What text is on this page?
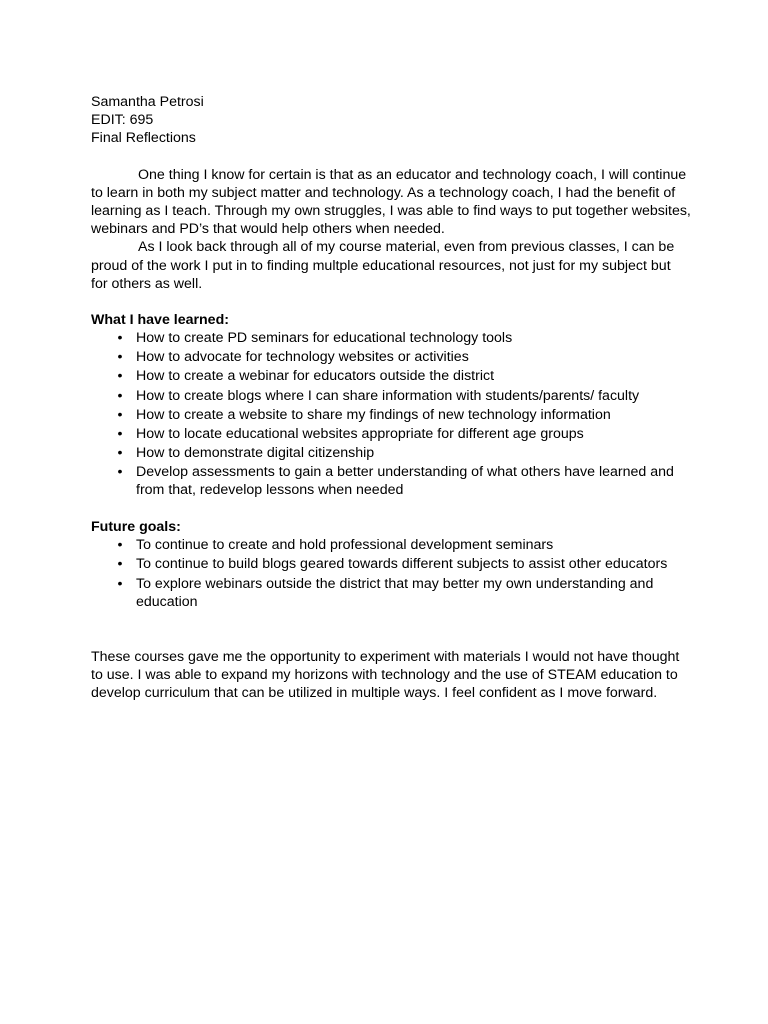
Samantha Petrosi
EDIT: 695
Final Reflections

One thing I know for certain is that as an educator and technology coach, I will continue to learn in both my subject matter and technology. As a technology coach, I had the benefit of learning as I teach. Through my own struggles, I was able to find ways to put together websites, webinars and PD’s that would help others when needed.

As I look back through all of my course material, even from previous classes, I can be proud of the work I put in to finding multple educational resources, not just for my subject but for others as well.

What I have learned:

• How to create PD seminars for educational technology tools
• How to advocate for technology websites or activities
• How to create a webinar for educators outside the district
• How to create blogs where I can share information with students/parents/ faculty
• How to create a website to share my findings of new technology information
• How to locate educational websites appropriate for different age groups
• How to demonstrate digital citizenship
• Develop assessments to gain a better understanding of what others have learned and from that, redevelop lessons when needed

Future goals:

• To continue to create and hold professional development seminars
• To continue to build blogs geared towards different subjects to assist other educators
• To explore webinars outside the district that may better my own understanding and education

These courses gave me the opportunity to experiment with materials I would not have thought to use. I was able to expand my horizons with technology and the use of STEAM education to develop curriculum that can be utilized in multiple ways. I feel confident as I move forward.
